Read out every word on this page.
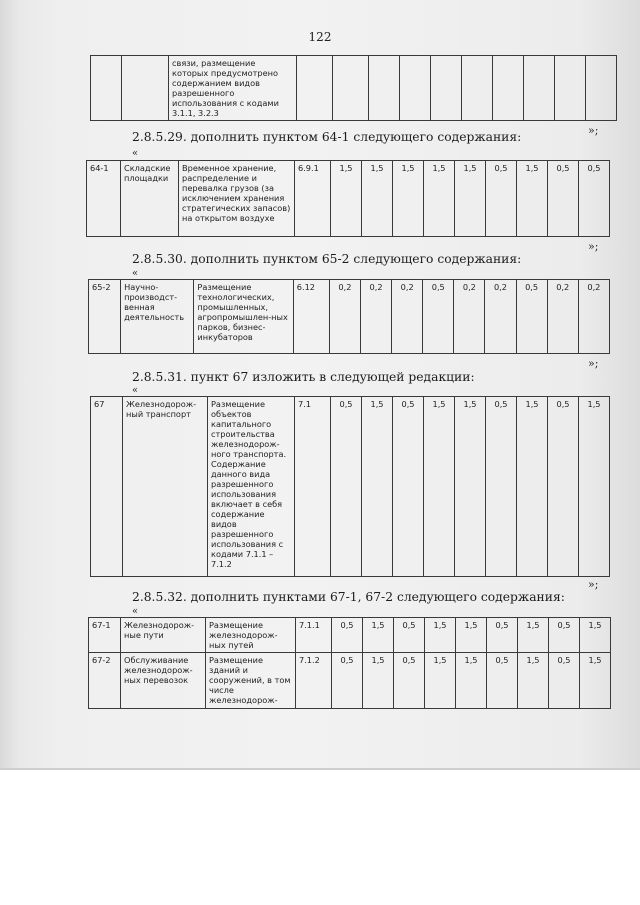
122
		связи, размещение которых предусмотрено содержанием видов разрешенного использования с кодами 3.1.1, 3.2.3										
»;
2.8.5.29. дополнить пунктом 64-1 следующего содержания:
«
64-1	Складские площадки	Временное хранение, распределение и перевалка грузов (за исключением хранения стратегических запасов) на открытом воздухе	6.9.1	1,5	1,5	1,5	1,5	1,5	0,5	1,5	0,5	0,5
»;
2.8.5.30. дополнить пунктом 65-2 следующего содержания:
«
65-2	Научно-производст-венная деятельность	Размещение технологических, промышленных, агропромышлен-ных парков, бизнес-инкубаторов	6.12	0,2	0,2	0,2	0,5	0,2	0,2	0,5	0,2	0,2
»;
2.8.5.31. пункт 67 изложить в следующей редакции:
«
67	Железнодорож-ный транспорт	Размещение объектов капитального строительства железнодорож-ного транспорта. Содержание данного вида разрешенного использования включает в себя содержание видов разрешенного использования с кодами 7.1.1 – 7.1.2	7.1	0,5	1,5	0,5	1,5	1,5	0,5	1,5	0,5	1,5
»;
2.8.5.32. дополнить пунктами 67-1, 67-2 следующего содержания:
«
67-1	Железнодорож-ные пути	Размещение железнодорож-ных путей	7.1.1	0,5	1,5	0,5	1,5	1,5	0,5	1,5	0,5	1,5
67-2	Обслуживание железнодорож-ных перевозок	Размещение зданий и сооружений, в том числе железнодорож-	7.1.2	0,5	1,5	0,5	1,5	1,5	0,5	1,5	0,5	1,5
